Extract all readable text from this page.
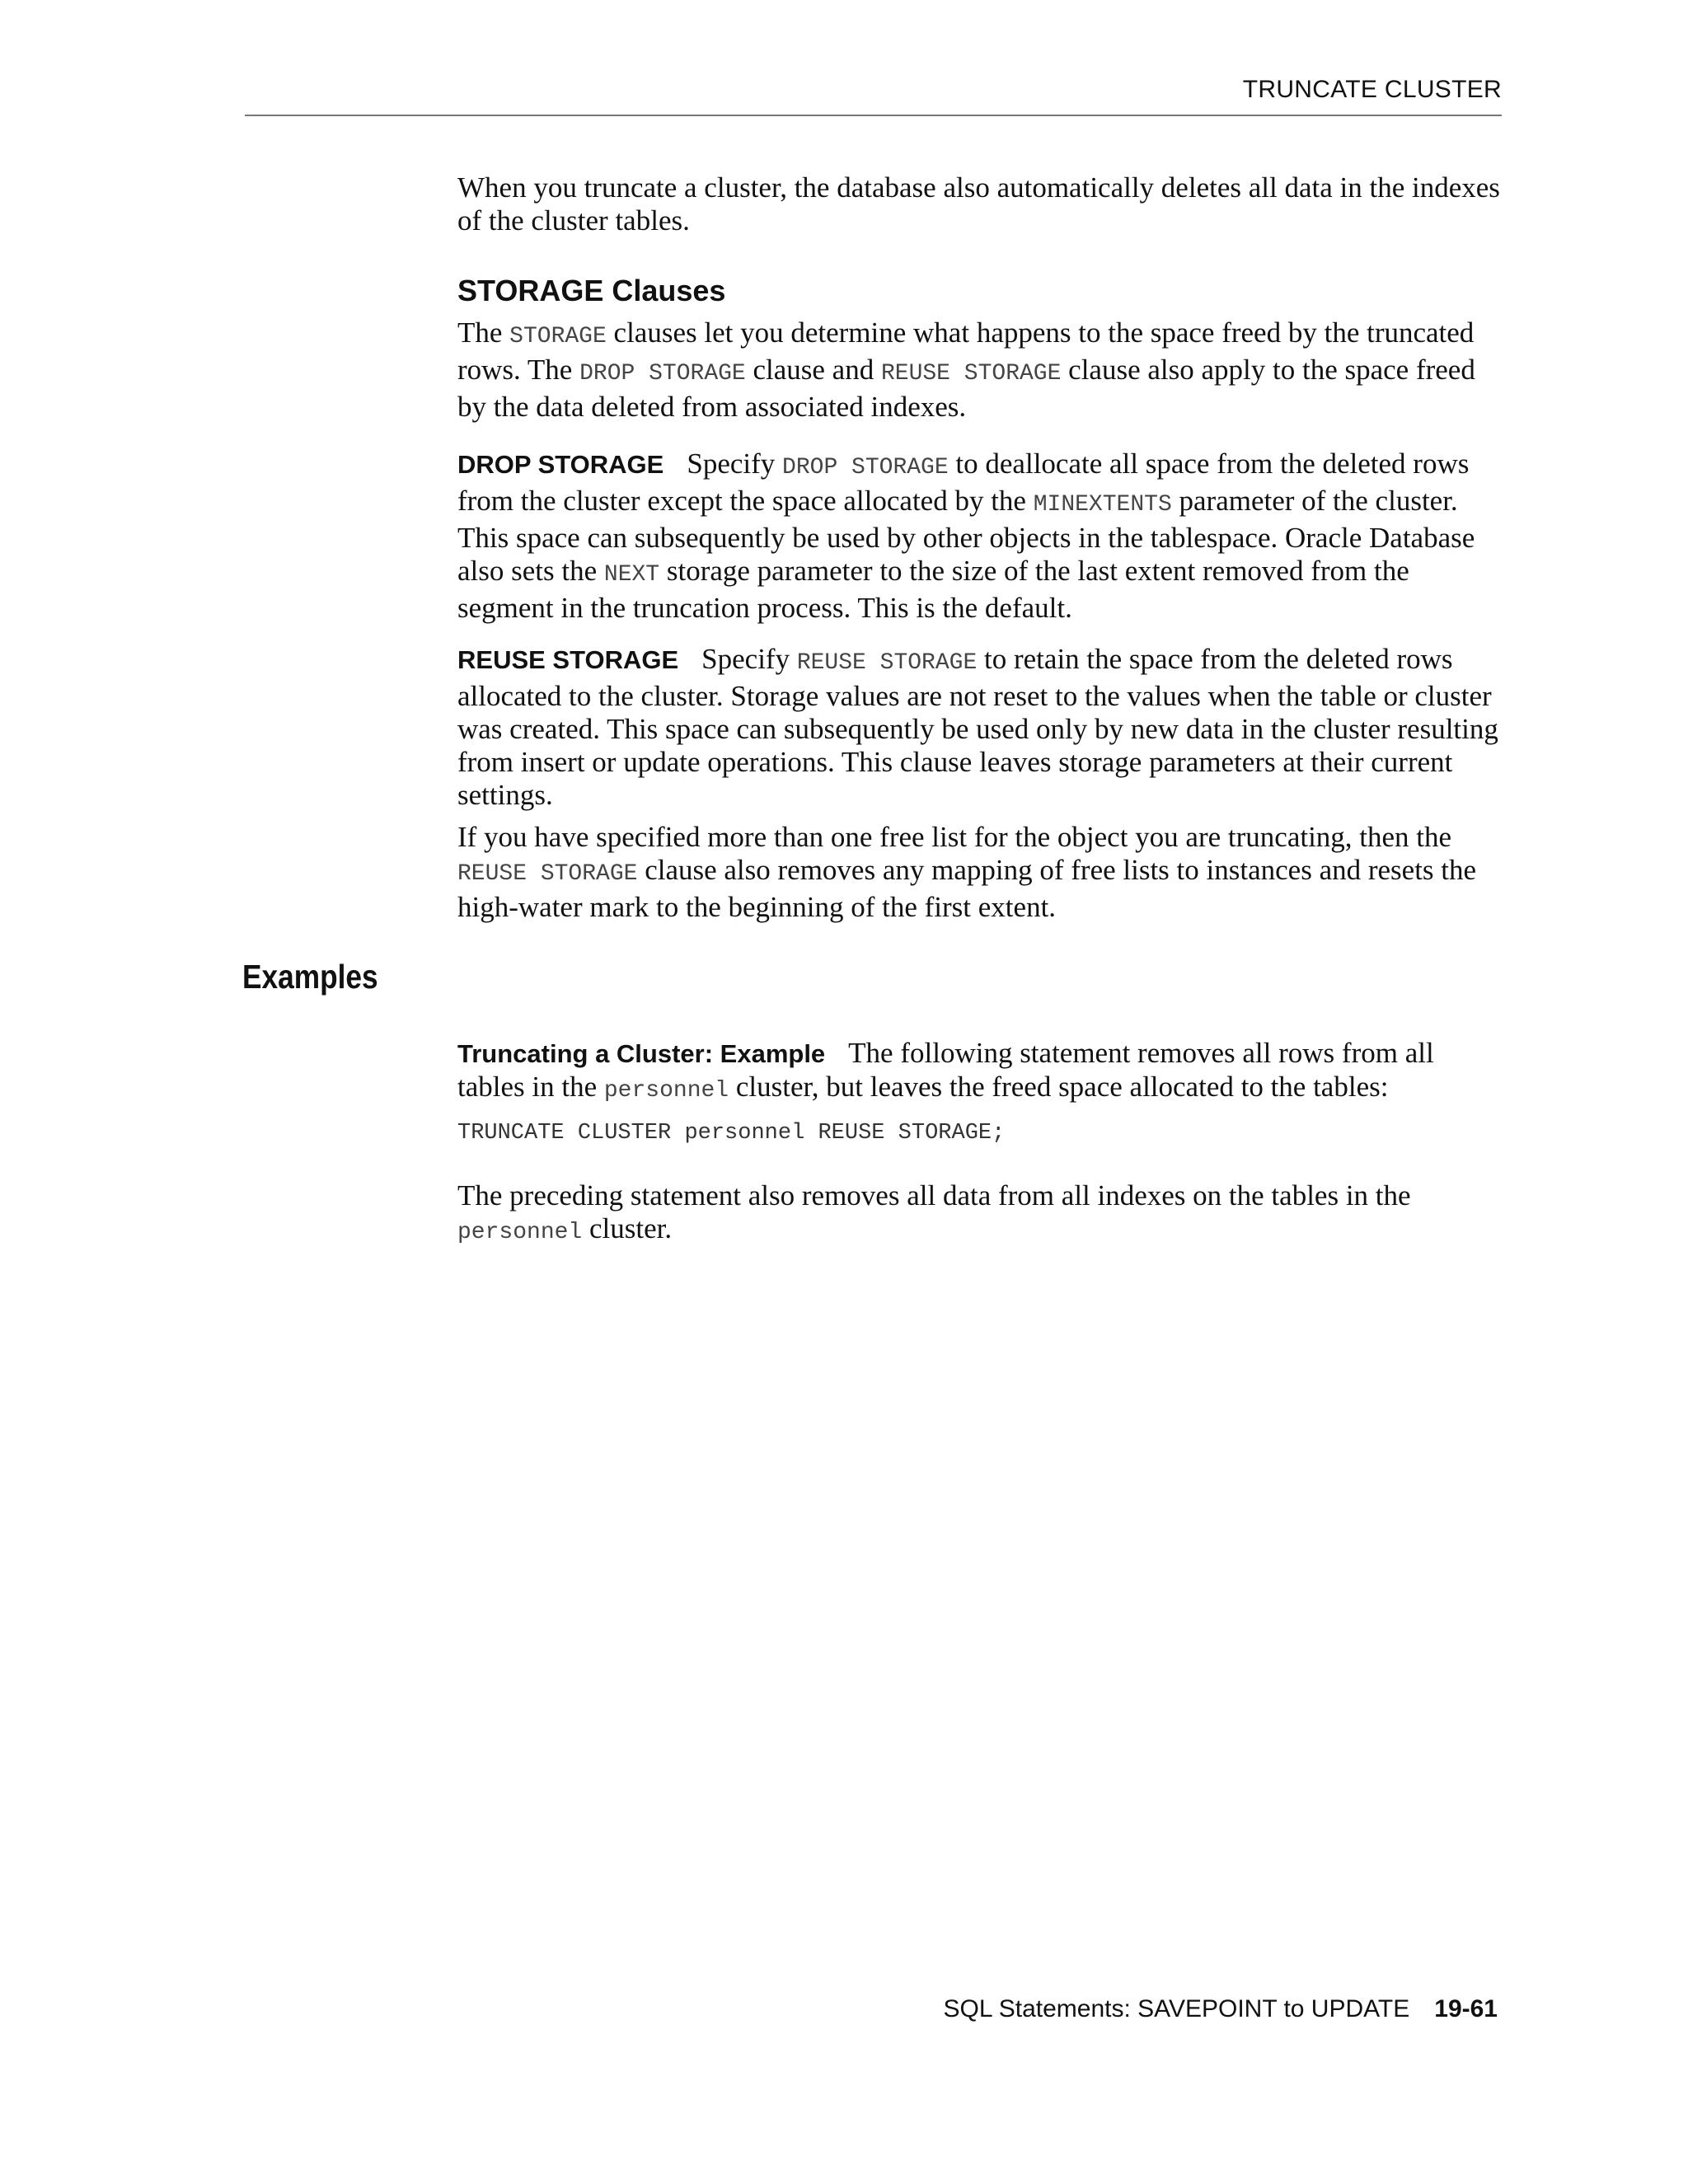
TRUNCATE CLUSTER

When you truncate a cluster, the database also automatically deletes all data in the indexes of the cluster tables.

STORAGE Clauses

The STORAGE clauses let you determine what happens to the space freed by the truncated rows. The DROP STORAGE clause and REUSE STORAGE clause also apply to the space freed by the data deleted from associated indexes.

DROP STORAGE Specify DROP STORAGE to deallocate all space from the deleted rows from the cluster except the space allocated by the MINEXTENTS parameter of the cluster. This space can subsequently be used by other objects in the tablespace. Oracle Database also sets the NEXT storage parameter to the size of the last extent removed from the segment in the truncation process. This is the default.

REUSE STORAGE Specify REUSE STORAGE to retain the space from the deleted rows allocated to the cluster. Storage values are not reset to the values when the table or cluster was created. This space can subsequently be used only by new data in the cluster resulting from insert or update operations. This clause leaves storage parameters at their current settings.

If you have specified more than one free list for the object you are truncating, then the REUSE STORAGE clause also removes any mapping of free lists to instances and resets the high-water mark to the beginning of the first extent.

Examples

Truncating a Cluster: Example The following statement removes all rows from all tables in the personnel cluster, but leaves the freed space allocated to the tables:

TRUNCATE CLUSTER personnel REUSE STORAGE;

The preceding statement also removes all data from all indexes on the tables in the personnel cluster.

SQL Statements: SAVEPOINT to UPDATE 19-61
